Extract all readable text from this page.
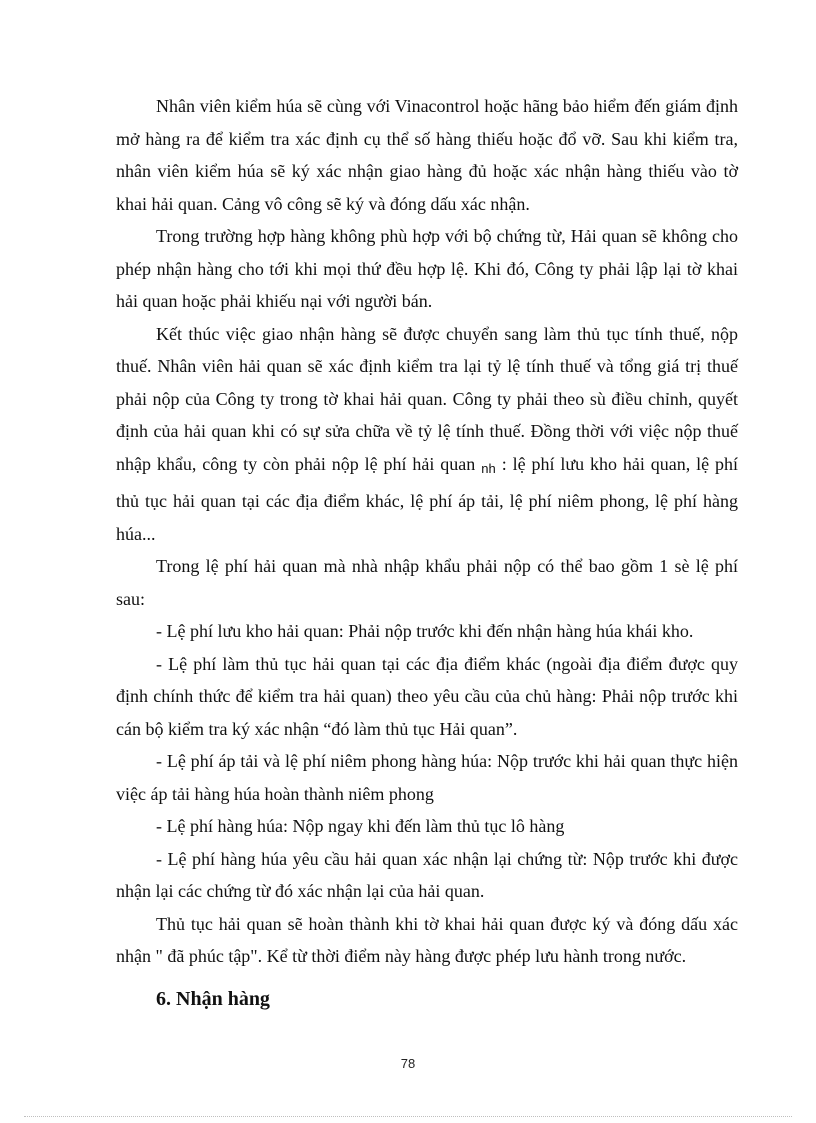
Nhân viên kiểm húa sẽ cùng với Vinacontrol hoặc hãng bảo hiểm đến giám định mở hàng ra để kiểm tra xác định cụ thể số hàng thiếu hoặc đổ vỡ. Sau khi kiểm tra, nhân viên kiểm húa sẽ ký xác nhận giao hàng đủ hoặc xác nhận hàng thiếu vào tờ khai hải quan. Cảng vô công sẽ ký và đóng dấu xác nhận.

Trong trường hợp hàng không phù hợp với bộ chứng từ, Hải quan sẽ không cho phép nhận hàng cho tới khi mọi thứ đều hợp lệ. Khi đó, Công ty phải lập lại tờ khai hải quan hoặc phải khiếu nại với người bán.

Kết thúc việc giao nhận hàng sẽ được chuyển sang làm thủ tục tính thuế, nộp thuế. Nhân viên hải quan sẽ xác định kiểm tra lại tỷ lệ tính thuế và tổng giá trị thuế phải nộp của Công ty trong tờ khai hải quan. Công ty phải theo sù điều chỉnh, quyết định của hải quan khi có sự sửa chữa về tỷ lệ tính thuế. Đồng thời với việc nộp thuế nhập khẩu, công ty còn phải nộp lệ phí hải quan $_{nh}$ : lệ phí lưu kho hải quan, lệ phí thủ tục hải quan tại các địa điểm khác, lệ phí áp tải, lệ phí niêm phong, lệ phí hàng húa...

Trong lệ phí hải quan mà nhà nhập khẩu phải nộp có thể bao gồm 1 sè lệ phí sau:

- Lệ phí lưu kho hải quan: Phải nộp trước khi đến nhận hàng húa khái kho.

- Lệ phí làm thủ tục hải quan tại các địa điểm khác (ngoài địa điểm được quy định chính thức để kiểm tra hải quan) theo yêu cầu của chủ hàng: Phải nộp trước khi cán bộ kiểm tra ký xác nhận “đó làm thủ tục Hải quan”.

- Lệ phí áp tải và lệ phí niêm phong hàng húa: Nộp trước khi hải quan thực hiện việc áp tải hàng húa hoàn thành niêm phong

- Lệ phí hàng húa: Nộp ngay khi đến làm thủ tục lô hàng

- Lệ phí hàng húa yêu cầu hải quan xác nhận lại chứng từ: Nộp trước khi được nhận lại các chứng từ đó xác nhận lại của hải quan.

Thủ tục hải quan sẽ hoàn thành khi tờ khai hải quan được ký và đóng dấu xác nhận " đã phúc tập". Kể từ thời điểm này hàng được phép lưu hành trong nước.

6. Nhận hàng
78
